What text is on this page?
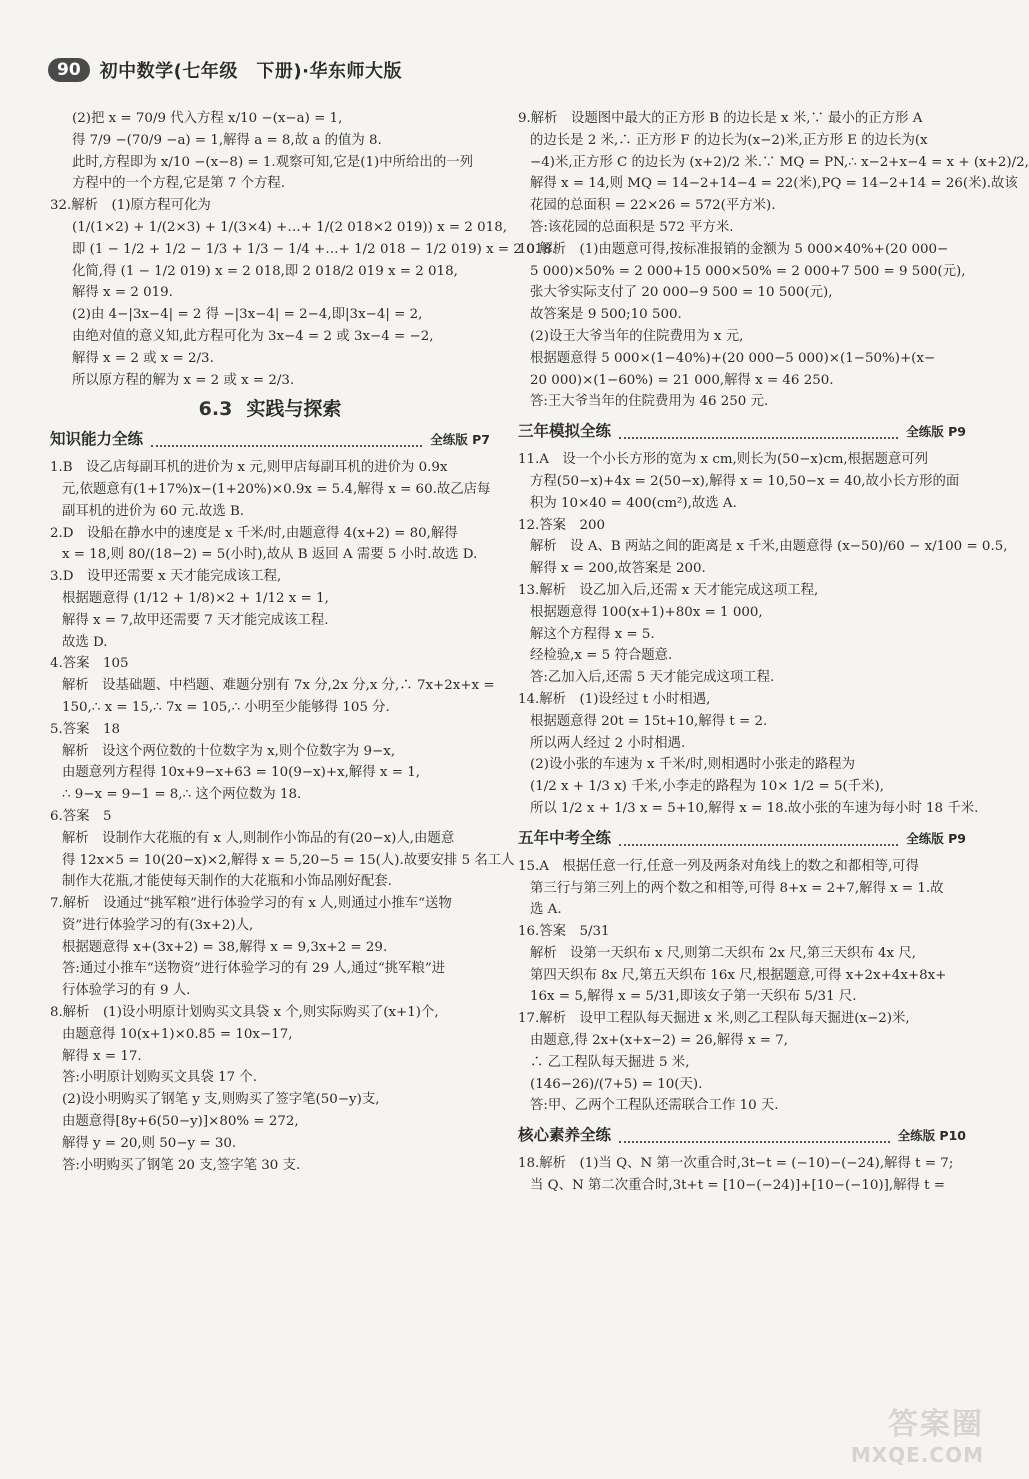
90	初中数学(七年级　下册)·华东师大版
(2)把 x = 70/9 代入方程 x/10 −(x−a) = 1,
得 7/9 −(70/9 −a) = 1,解得 a = 8,故 a 的值为 8.
此时,方程即为 x/10 −(x−8) = 1.观察可知,它是(1)中所给出的一列
方程中的一个方程,它是第 7 个方程.
32.解析　(1)原方程可化为
(1/(1×2) + 1/(2×3) + 1/(3×4) +…+ 1/(2 018×2 019)) x = 2 018,
即 (1 − 1/2 + 1/2 − 1/3 + 1/3 − 1/4 +…+ 1/2 018 − 1/2 019) x = 2 018.
化简,得 (1 − 1/2 019) x = 2 018,即 2 018/2 019 x = 2 018,
解得 x = 2 019.
(2)由 4−|3x−4| = 2 得 −|3x−4| = 2−4,即|3x−4| = 2,
由绝对值的意义知,此方程可化为 3x−4 = 2 或 3x−4 = −2,
解得 x = 2 或 x = 2/3.
所以原方程的解为 x = 2 或 x = 2/3.
6.3 实践与探索
知识能力全练	全练版 P7
1.B　设乙店每副耳机的进价为 x 元,则甲店每副耳机的进价为 0.9x
元,依题意有(1+17%)x−(1+20%)×0.9x = 5.4,解得 x = 60.故乙店每
副耳机的进价为 60 元.故选 B.
2.D　设船在静水中的速度是 x 千米/时,由题意得 4(x+2) = 80,解得
x = 18,则 80/(18−2) = 5(小时),故从 B 返回 A 需要 5 小时.故选 D.
3.D　设甲还需要 x 天才能完成该工程,
根据题意得 (1/12 + 1/8)×2 + 1/12 x = 1,
解得 x = 7,故甲还需要 7 天才能完成该工程.
故选 D.
4.答案　105
解析　设基础题、中档题、难题分别有 7x 分,2x 分,x 分,∴ 7x+2x+x =
150,∴ x = 15,∴ 7x = 105,∴ 小明至少能够得 105 分.
5.答案　18
解析　设这个两位数的十位数字为 x,则个位数字为 9−x,
由题意列方程得 10x+9−x+63 = 10(9−x)+x,解得 x = 1,
∴ 9−x = 9−1 = 8,∴ 这个两位数为 18.
6.答案　5
解析　设制作大花瓶的有 x 人,则制作小饰品的有(20−x)人,由题意
得 12x×5 = 10(20−x)×2,解得 x = 5,20−5 = 15(人).故要安排 5 名工人
制作大花瓶,才能使每天制作的大花瓶和小饰品刚好配套.
7.解析　设通过“挑军粮”进行体验学习的有 x 人,则通过小推车“送物
资”进行体验学习的有(3x+2)人,
根据题意得 x+(3x+2) = 38,解得 x = 9,3x+2 = 29.
答:通过小推车“送物资”进行体验学习的有 29 人,通过“挑军粮”进
行体验学习的有 9 人.
8.解析　(1)设小明原计划购买文具袋 x 个,则实际购买了(x+1)个,
由题意得 10(x+1)×0.85 = 10x−17,
解得 x = 17.
答:小明原计划购买文具袋 17 个.
(2)设小明购买了钢笔 y 支,则购买了签字笔(50−y)支,
由题意得[8y+6(50−y)]×80% = 272,
解得 y = 20,则 50−y = 30.
答:小明购买了钢笔 20 支,签字笔 30 支.
9.解析　设题图中最大的正方形 B 的边长是 x 米,∵ 最小的正方形 A
的边长是 2 米,∴ 正方形 F 的边长为(x−2)米,正方形 E 的边长为(x
−4)米,正方形 C 的边长为 (x+2)/2 米.∵ MQ = PN,∴ x−2+x−4 = x + (x+2)/2,
解得 x = 14,则 MQ = 14−2+14−4 = 22(米),PQ = 14−2+14 = 26(米).故该
花园的总面积 = 22×26 = 572(平方米).
答:该花园的总面积是 572 平方米.
10.解析　(1)由题意可得,按标准报销的金额为 5 000×40%+(20 000−
5 000)×50% = 2 000+15 000×50% = 2 000+7 500 = 9 500(元),
张大爷实际支付了 20 000−9 500 = 10 500(元),
故答案是 9 500;10 500.
(2)设王大爷当年的住院费用为 x 元,
根据题意得 5 000×(1−40%)+(20 000−5 000)×(1−50%)+(x−
20 000)×(1−60%) = 21 000,解得 x = 46 250.
答:王大爷当年的住院费用为 46 250 元.
三年模拟全练	全练版 P9
11.A　设一个小长方形的宽为 x cm,则长为(50−x)cm,根据题意可列
方程(50−x)+4x = 2(50−x),解得 x = 10,50−x = 40,故小长方形的面
积为 10×40 = 400(cm²),故选 A.
12.答案　200
解析　设 A、B 两站之间的距离是 x 千米,由题意得 (x−50)/60 − x/100 = 0.5,
解得 x = 200,故答案是 200.
13.解析　设乙加入后,还需 x 天才能完成这项工程,
根据题意得 100(x+1)+80x = 1 000,
解这个方程得 x = 5.
经检验,x = 5 符合题意.
答:乙加入后,还需 5 天才能完成这项工程.
14.解析　(1)设经过 t 小时相遇,
根据题意得 20t = 15t+10,解得 t = 2.
所以两人经过 2 小时相遇.
(2)设小张的车速为 x 千米/时,则相遇时小张走的路程为
(1/2 x + 1/3 x) 千米,小李走的路程为 10× 1/2 = 5(千米),
所以 1/2 x + 1/3 x = 5+10,解得 x = 18.故小张的车速为每小时 18 千米.
五年中考全练	全练版 P9
15.A　根据任意一行,任意一列及两条对角线上的数之和都相等,可得
第三行与第三列上的两个数之和相等,可得 8+x = 2+7,解得 x = 1.故
选 A.
16.答案　5/31
解析　设第一天织布 x 尺,则第二天织布 2x 尺,第三天织布 4x 尺,
第四天织布 8x 尺,第五天织布 16x 尺,根据题意,可得 x+2x+4x+8x+
16x = 5,解得 x = 5/31,即该女子第一天织布 5/31 尺.
17.解析　设甲工程队每天掘进 x 米,则乙工程队每天掘进(x−2)米,
由题意,得 2x+(x+x−2) = 26,解得 x = 7,
∴ 乙工程队每天掘进 5 米,
(146−26)/(7+5) = 10(天).
答:甲、乙两个工程队还需联合工作 10 天.
核心素养全练	全练版 P10
18.解析　(1)当 Q、N 第一次重合时,3t−t = (−10)−(−24),解得 t = 7;
当 Q、N 第二次重合时,3t+t = [10−(−24)]+[10−(−10)],解得 t =
答案圈
MXQE.COM
